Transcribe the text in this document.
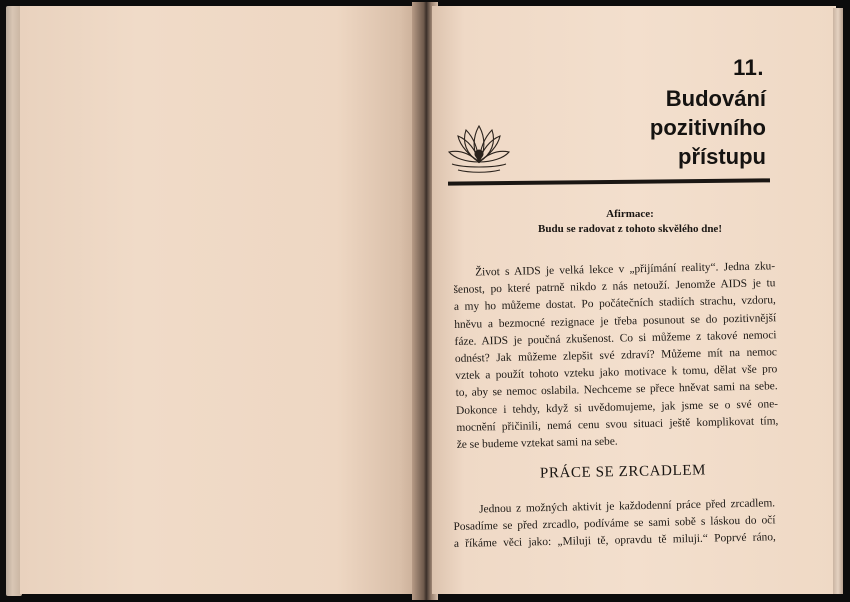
11.
Budování
pozitivního
přístupu
Afirmace:
Budu se radovat z tohoto skvělého dne!
Život s AIDS je velká lekce v „přijímání reality“. Jedna zku-
šenost, po které patrně nikdo z nás netouží. Jenomže AIDS je tu
a my ho můžeme dostat. Po počátečních stadiích strachu, vzdoru,
hněvu a bezmocné rezignace je třeba posunout se do pozitivnější
fáze. AIDS je poučná zkušenost. Co si můžeme z takové nemoci
odnést? Jak můžeme zlepšit své zdraví? Můžeme mít na nemoc
vztek a použít tohoto vzteku jako motivace k tomu, dělat vše pro
to, aby se nemoc oslabila. Nechceme se přece hněvat sami na sebe.
Dokonce i tehdy, když si uvědomujeme, jak jsme se o své one-
mocnění přičinili, nemá cenu svou situaci ještě komplikovat tím,
že se budeme vztekat sami na sebe.
PRÁCE SE ZRCADLEM
Jednou z možných aktivit je každodenní práce před zrcadlem.
Posadíme se před zrcadlo, podíváme se sami sobě s láskou do očí
a říkáme věci jako: „Miluji tě, opravdu tě miluji.“ Poprvé ráno,
